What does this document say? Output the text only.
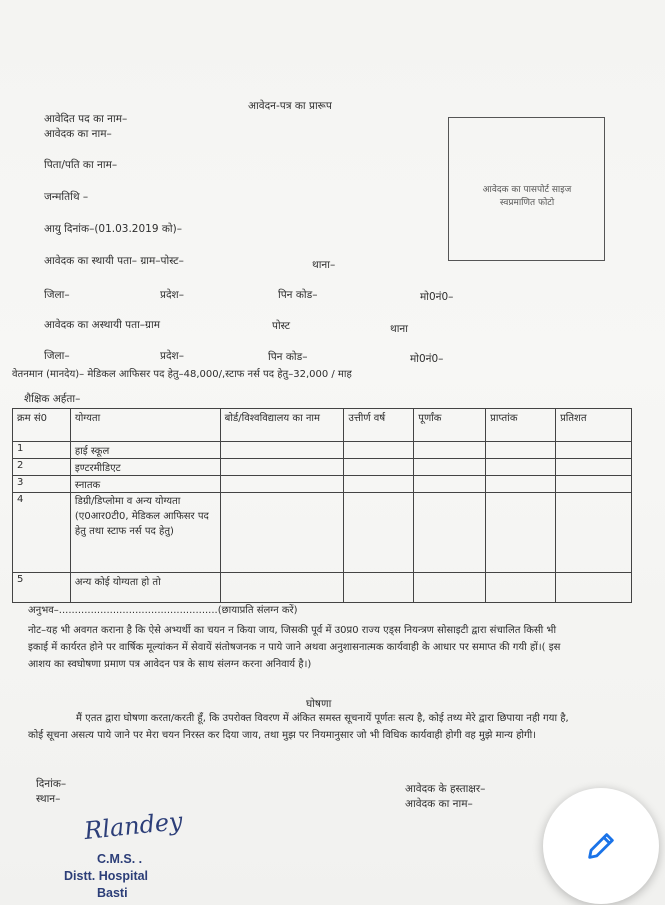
आवेदन-पत्र का प्रारूप
आवेदित पद का नाम–
आवेदक का नाम–
पिता/पति का नाम–
जन्मतिथि –
आयु दिनांक–(01.03.2019 को)–
आवेदक का पासपोर्ट साइज
स्वप्रमाणित फोटो
आवेदक का स्थायी पता– ग्राम–पोस्ट–	थाना–
जिला–	प्रदेश–	पिन कोड–	मो0नं0–
आवेदक का अस्थायी पता–ग्राम	पोस्ट	थाना
जिला–	प्रदेश–	पिन कोड–	मो0नं0–
वेतनमान (मानदेय)– मेडिकल आफिसर पद हेतु–48,000/,स्टाफ नर्स पद हेतु–32,000 / माह
शैक्षिक अर्हता–
क्रम सं0	योग्यता	बोर्ड/विश्वविद्यालय का नाम	उत्तीर्ण वर्ष	पूर्णांक	प्राप्तांक	प्रतिशत
1	हाई स्कूल					
2	इण्टरमीडिएट					
3	स्नातक					
4	डिग्री/डिप्लोमा व अन्य योग्यता (ए0आर0टी0, मेडिकल आफिसर पद हेतु तथा स्टाफ नर्स पद हेतु)					
5	अन्य कोई योग्यता हो तो					
अनुभव–..................................................(छायाप्रति संलग्न करें)
नोट–यह भी अवगत कराना है कि ऐसे अभ्यर्थी का चयन न किया जाय, जिसकी पूर्व में उ0प्र0 राज्य एड्स नियन्त्रण सोसाइटी द्वारा संचालित किसी भी इकाई में कार्यरत होने पर वार्षिक मूल्यांकन में सेवायें संतोषजनक न पाये जाने अथवा अनुशासनात्मक कार्यवाही के आधार पर समाप्त की गयी हों।( इस आशय का स्वघोषणा प्रमाण पत्र आवेदन पत्र के साथ संलग्न करना अनिवार्य है।)
घोषणा
मैं एतत द्वारा घोषणा करता/करती हूँ, कि उपरोक्त विवरण में अंकित समस्त सूचनायें पूर्णतः सत्य है, कोई तथ्य मेरे द्वारा छिपाया नही गया है, कोई सूचना असत्य पाये जाने पर मेरा चयन निरस्त कर दिया जाय, तथा मुझ पर नियमानुसार जो भी विधिक कार्यवाही होगी वह मुझे मान्य होगी।
दिनांक–
स्थान–
आवेदक के हस्ताक्षर–
आवेदक का नाम–
Rlandey
C.M.S. .
Distt. Hospital
Basti
